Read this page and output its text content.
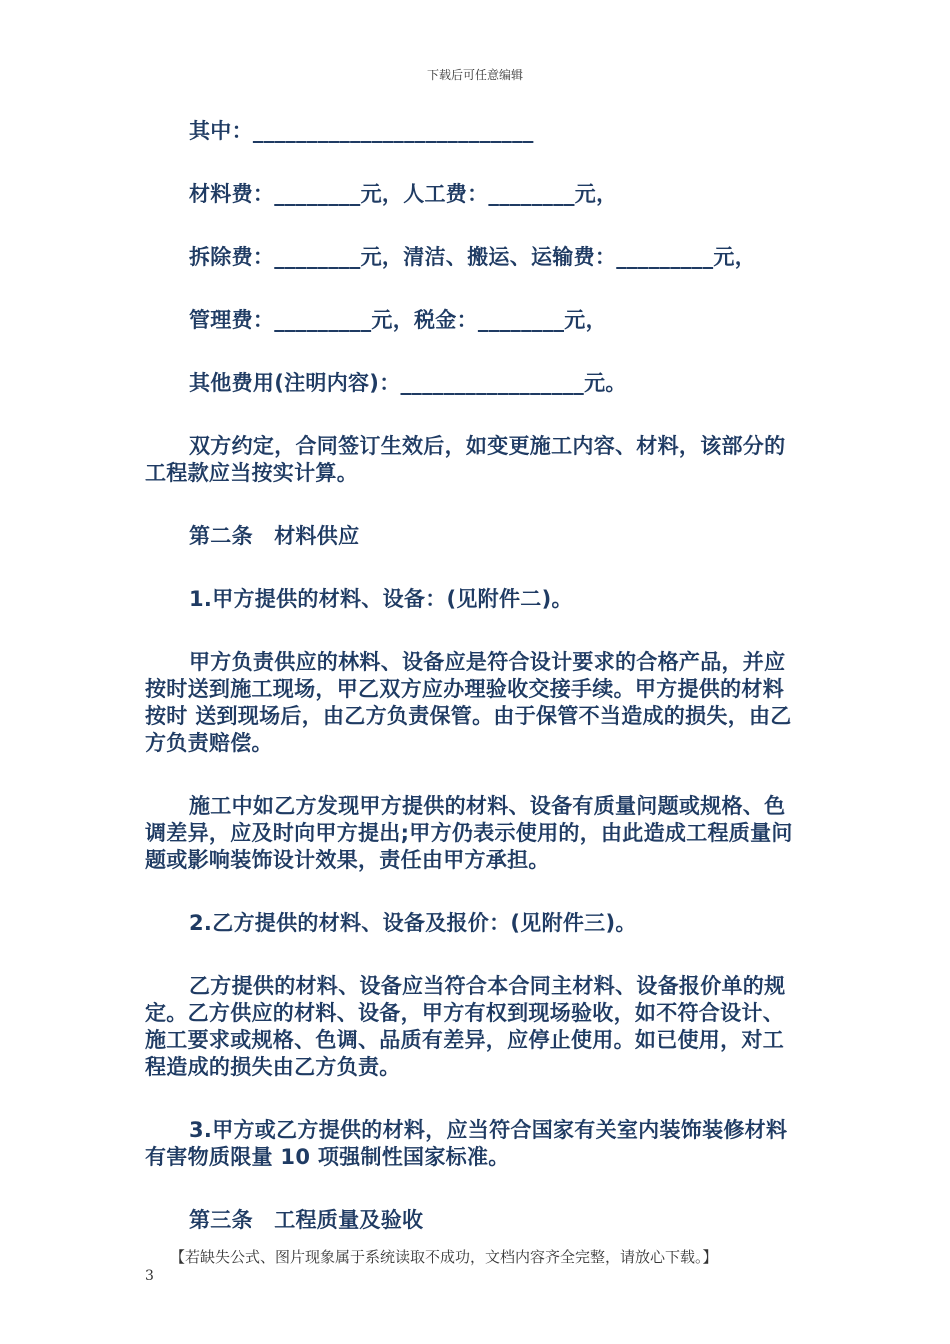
下载后可任意编辑

其中：__________________________

材料费：________元，人工费：________元，

拆除费：________元，清洁、搬运、运输费：_________元，

管理费：_________元，税金：________元，

其他费用(注明内容)：_________________元。

双方约定，合同签订生效后，如变更施工内容、材料，该部分的工程款应当按实计算。

第二条　材料供应

1.甲方提供的材料、设备：(见附件二)。

甲方负责供应的林料、设备应是符合设计要求的合格产品，并应按时送到施工现场，甲乙双方应办理验收交接手续。甲方提供的材料按时 送到现场后，由乙方负责保管。由于保管不当造成的损失，由乙方负责赔偿。

施工中如乙方发现甲方提供的材料、设备有质量问题或规格、色调差异，应及时向甲方提出;甲方仍表示使用的，由此造成工程质量问题或影响装饰设计效果，责任由甲方承担。

2.乙方提供的材料、设备及报价：(见附件三)。

乙方提供的材料、设备应当符合本合同主材料、设备报价单的规定。乙方供应的材料、设备，甲方有权到现场验收，如不符合设计、施工要求或规格、色调、品质有差异，应停止使用。如已使用，对工程造成的损失由乙方负责。

3.甲方或乙方提供的材料，应当符合国家有关室内装饰装修材料有害物质限量 10 项强制性国家标准。

第三条　工程质量及验收

【若缺失公式、图片现象属于系统读取不成功，文档内容齐全完整，请放心下载。】
3
